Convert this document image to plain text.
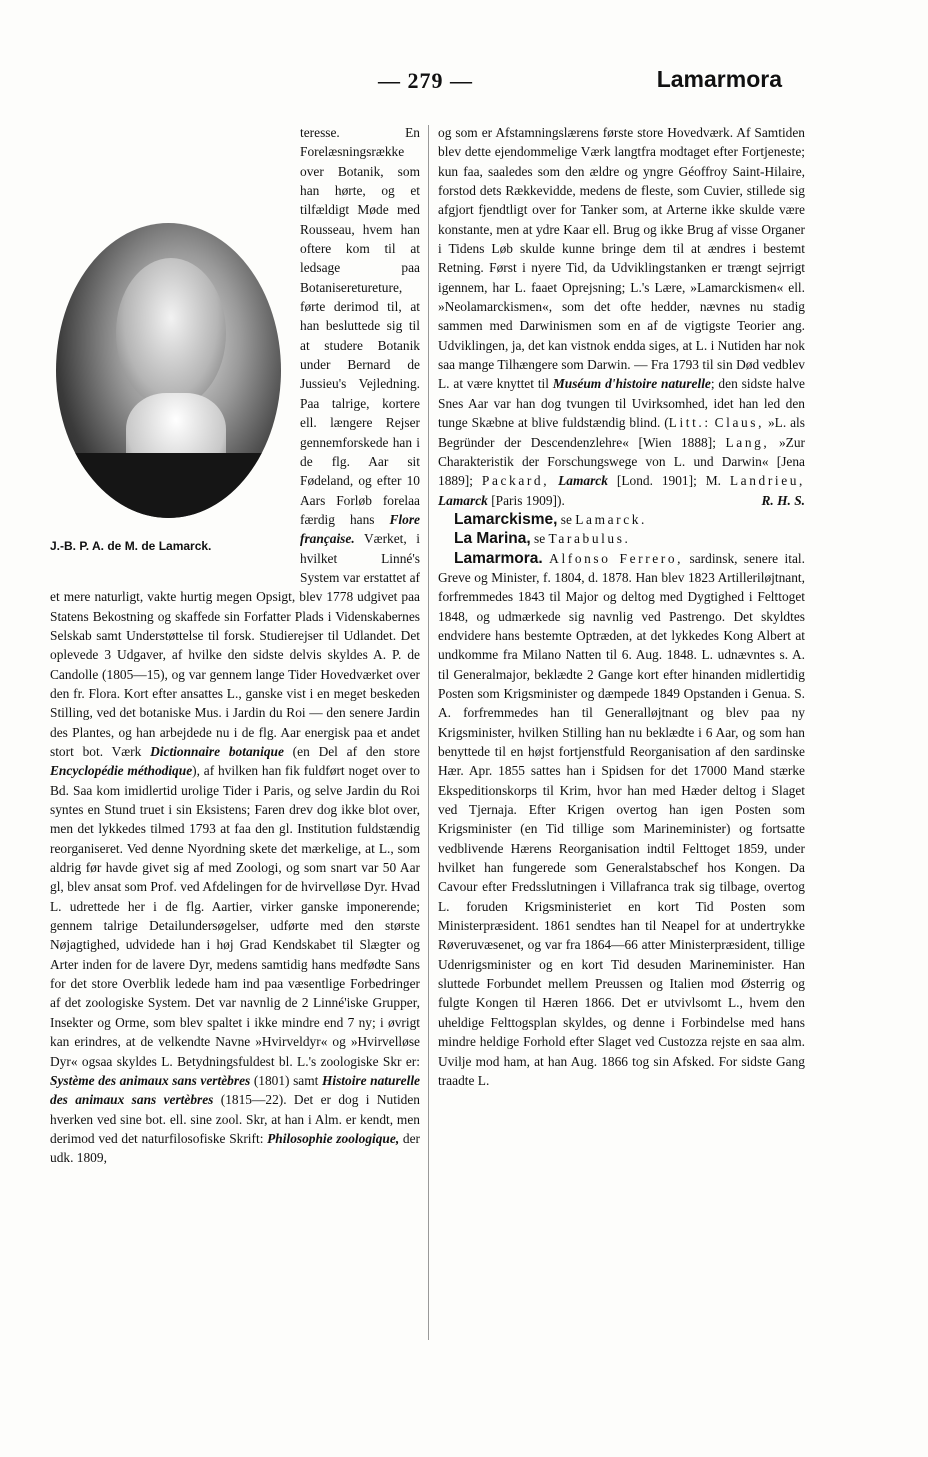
— 279 —	Lamarmora
J.-B. P. A. de M. de Lamarck.

teresse. En Forelæsningsrække over Botanik, som han hørte, og et tilfældigt Møde med Rousseau, hvem han oftere kom til at ledsage paa Botaniseretureture, førte derimod til, at han besluttede sig til at studere Botanik under Bernard de Jussieu's Vejledning. Paa talrige, kortere ell. længere Rejser gennemforskede han i de flg. Aar sit Fødeland, og efter 10 Aars Forløb forelaa færdig hans Flore française. Værket, i hvilket Linné's System var erstattet af et mere naturligt, vakte hurtig megen Opsigt, blev 1778 udgivet paa Statens Bekostning og skaffede sin Forfatter Plads i Videnskabernes Selskab samt Understøttelse til forsk. Studierejser til Udlandet. Det oplevede 3 Udgaver, af hvilke den sidste delvis skyldes A. P. de Candolle (1805—15), og var gennem lange Tider Hovedværket over den fr. Flora. Kort efter ansattes L., ganske vist i en meget beskeden Stilling, ved det botaniske Mus. i Jardin du Roi — den senere Jardin des Plantes, og han arbejdede nu i de flg. Aar energisk paa et andet stort bot. Værk Dictionnaire botanique (en Del af den store Encyclopédie méthodique), af hvilken han fik fuldført noget over to Bd. Saa kom imidlertid urolige Tider i Paris, og selve Jardin du Roi syntes en Stund truet i sin Eksistens; Faren drev dog ikke blot over, men det lykkedes tilmed 1793 at faa den gl. Institution fuldstændig reorganiseret. Ved denne Nyordning skete det mærkelige, at L., som aldrig før havde givet sig af med Zoologi, og som snart var 50 Aar gl, blev ansat som Prof. ved Afdelingen for de hvirvelløse Dyr. Hvad L. udrettede her i de flg. Aartier, virker ganske imponerende; gennem talrige Detailundersøgelser, udførte med den største Nøjagtighed, udvidede han i høj Grad Kendskabet til Slægter og Arter inden for de lavere Dyr, medens samtidig hans medfødte Sans for det store Overblik ledede ham ind paa væsentlige Forbedringer af det zoologiske System. Det var navnlig de 2 Linné'iske Grupper, Insekter og Orme, som blev spaltet i ikke mindre end 7 ny; i øvrigt kan erindres, at de velkendte Navne »Hvirveldyr« og »Hvirvelløse Dyr« ogsaa skyldes L. Betydningsfuldest bl. L.'s zoologiske Skr er: Système des animaux sans vertèbres (1801) samt Histoire naturelle des animaux sans vertèbres (1815—22). Det er dog i Nutiden hverken ved sine bot. ell. sine zool. Skr, at han i Alm. er kendt, men derimod ved det naturfilosofiske Skrift: Philosophie zoologique, der udk. 1809,

og som er Afstamningslærens første store Hovedværk. Af Samtiden blev dette ejendommelige Værk langtfra modtaget efter Fortjeneste; kun faa, saaledes som den ældre og yngre Géoffroy Saint-Hilaire, forstod dets Rækkevidde, medens de fleste, som Cuvier, stillede sig afgjort fjendtligt over for Tanker som, at Arterne ikke skulde være konstante, men at ydre Kaar ell. Brug og ikke Brug af visse Organer i Tidens Løb skulde kunne bringe dem til at ændres i bestemt Retning. Først i nyere Tid, da Udviklingstanken er trængt sejrrigt igennem, har L. faaet Oprejsning; L.'s Lære, »Lamarckismen« ell. »Neolamarckismen«, som det ofte hedder, nævnes nu stadig sammen med Darwinismen som en af de vigtigste Teorier ang. Udviklingen, ja, det kan vistnok endda siges, at L. i Nutiden har nok saa mange Tilhængere som Darwin. — Fra 1793 til sin Død vedblev L. at være knyttet til Muséum d'histoire naturelle; den sidste halve Snes Aar var han dog tvungen til Uvirksomhed, idet han led den tunge Skæbne at blive fuldstændig blind. (Litt.: Claus, »L. als Begründer der Descendenzlehre« [Wien 1888]; Lang, »Zur Charakteristik der Forschungswege von L. und Darwin« [Jena 1889]; Packard, Lamarck [Lond. 1901]; M. Landrieu, Lamarck [Paris 1909]).	R. H. S.

Lamarckisme, se Lamarck.

La Marina, se Tarabulus.

Lamarmora. Alfonso Ferrero, sardinsk, senere ital. Greve og Minister, f. 1804, d. 1878. Han blev 1823 Artilleriløjtnant, forfremmedes 1843 til Major og deltog med Dygtighed i Felttoget 1848, og udmærkede sig navnlig ved Pastrengo. Det skyldtes endvidere hans bestemte Optræden, at det lykkedes Kong Albert at undkomme fra Milano Natten til 6. Aug. 1848. L. udnævntes s. A. til Generalmajor, beklædte 2 Gange kort efter hinanden midlertidig Posten som Krigsminister og dæmpede 1849 Opstanden i Genua. S. A. forfremmedes han til Generalløjtnant og blev paa ny Krigsminister, hvilken Stilling han nu beklædte i 6 Aar, og som han benyttede til en højst fortjenstfuld Reorganisation af den sardinske Hær. Apr. 1855 sattes han i Spidsen for det 17000 Mand stærke Ekspeditionskorps til Krim, hvor han med Hæder deltog i Slaget ved Tjernaja. Efter Krigen overtog han igen Posten som Krigsminister (en Tid tillige som Marineminister) og fortsatte vedblivende Hærens Reorganisation indtil Felttoget 1859, under hvilket han fungerede som Generalstabschef hos Kongen. Da Cavour efter Fredsslutningen i Villafranca trak sig tilbage, overtog L. foruden Krigsministeriet en kort Tid Posten som Ministerpræsident. 1861 sendtes han til Neapel for at undertrykke Røveruvæsenet, og var fra 1864—66 atter Ministerpræsident, tillige Udenrigsminister og en kort Tid desuden Marineminister. Han sluttede Forbundet mellem Preussen og Italien mod Østerrig og fulgte Kongen til Hæren 1866. Det er utvivlsomt L., hvem den uheldige Felttogsplan skyldes, og denne i Forbindelse med hans mindre heldige Forhold efter Slaget ved Custozza rejste en saa alm. Uvilje mod ham, at han Aug. 1866 tog sin Afsked. For sidste Gang traadte L.
